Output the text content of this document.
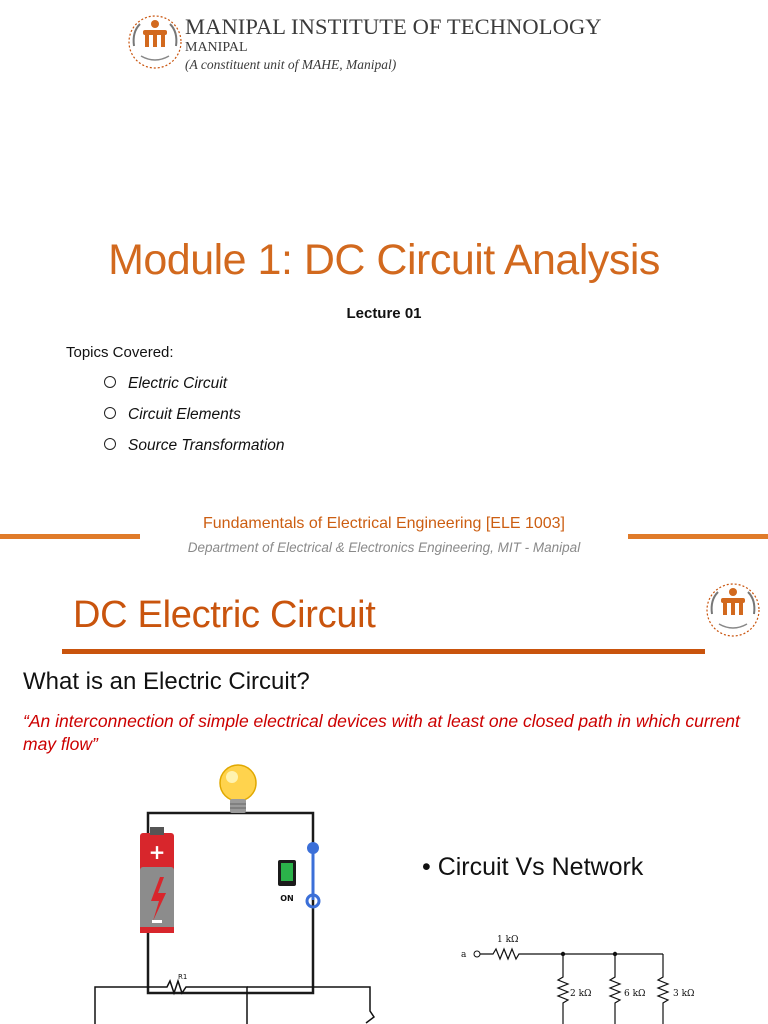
MANIPAL INSTITUTE OF TECHNOLOGY
MANIPAL
(A constituent unit of MAHE, Manipal)
Module 1: DC Circuit Analysis
Lecture 01
Topics Covered:
Electric Circuit
Circuit Elements
Source Transformation
Fundamentals of Electrical Engineering [ELE 1003]
Department of Electrical & Electronics Engineering, MIT - Manipal
DC Electric Circuit
What is an Electric Circuit?
“An interconnection of simple electrical devices with at least one closed path in which current may flow”
+
ON
R1
• Circuit Vs Network
a
1 kΩ
2 kΩ	6 kΩ	3 kΩ
